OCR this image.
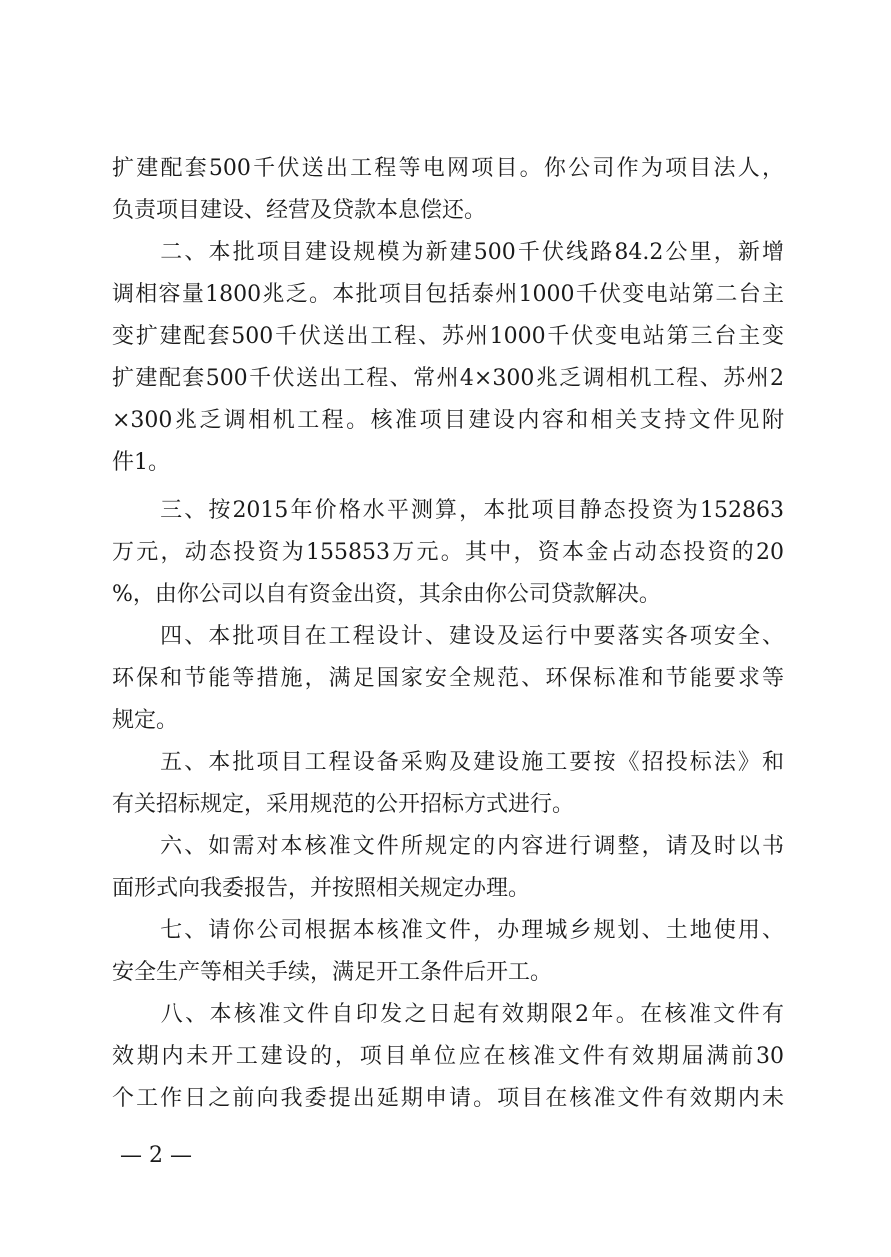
扩建配套500千伏送出工程等电网项目。你公司作为项目法人，
负责项目建设、经营及贷款本息偿还。
　　二、本批项目建设规模为新建500千伏线路84.2公里，新增
调相容量1800兆乏。本批项目包括泰州1000千伏变电站第二台主
变扩建配套500千伏送出工程、苏州1000千伏变电站第三台主变
扩建配套500千伏送出工程、常州4×300兆乏调相机工程、苏州2
×300兆乏调相机工程。核准项目建设内容和相关支持文件见附
件1。
　　三、按2015年价格水平测算，本批项目静态投资为152863
万元，动态投资为155853万元。其中，资本金占动态投资的20
%，由你公司以自有资金出资，其余由你公司贷款解决。
　　四、本批项目在工程设计、建设及运行中要落实各项安全、
环保和节能等措施，满足国家安全规范、环保标准和节能要求等
规定。
　　五、本批项目工程设备采购及建设施工要按《招投标法》和
有关招标规定，采用规范的公开招标方式进行。
　　六、如需对本核准文件所规定的内容进行调整，请及时以书
面形式向我委报告，并按照相关规定办理。
　　七、请你公司根据本核准文件，办理城乡规划、土地使用、
安全生产等相关手续，满足开工条件后开工。
　　八、本核准文件自印发之日起有效期限2年。在核准文件有
效期内未开工建设的，项目单位应在核准文件有效期届满前30
个工作日之前向我委提出延期申请。项目在核准文件有效期内未
— 2 —
